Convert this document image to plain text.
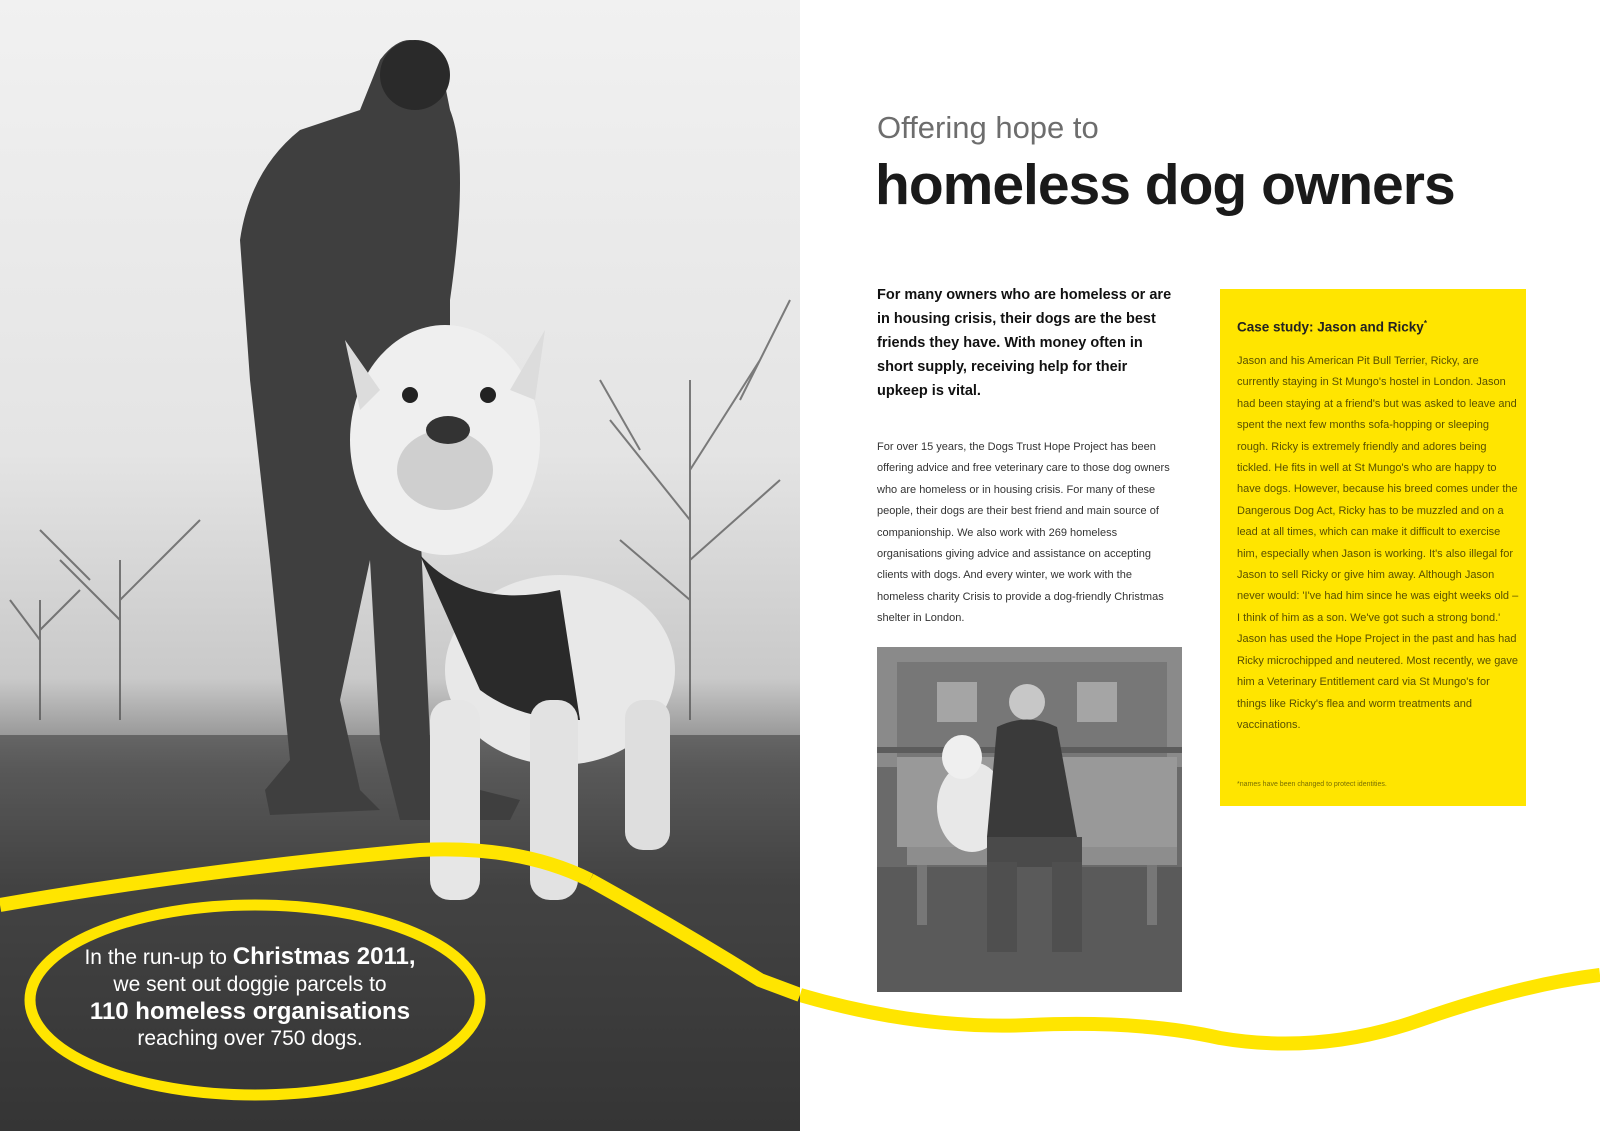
In the run-up to Christmas 2011,
we sent out doggie parcels to
110 homeless organisations
reaching over 750 dogs.
Offering hope to
homeless dog owners
For many owners who are homeless or are in housing crisis, their dogs are the best friends they have. With money often in short supply, receiving help for their upkeep is vital.
For over 15 years, the Dogs Trust Hope Project has been offering advice and free veterinary care to those dog owners who are homeless or in housing crisis. For many of these people, their dogs are their best friend and main source of companionship. We also work with 269 homeless organisations giving advice and assistance on accepting clients with dogs. And every winter, we work with the homeless charity Crisis to provide a dog-friendly Christmas shelter in London.
Case study: Jason and Ricky*
Jason and his American Pit Bull Terrier, Ricky, are currently staying in St Mungo's hostel in London. Jason had been staying at a friend's but was asked to leave and spent the next few months sofa-hopping or sleeping rough. Ricky is extremely friendly and adores being tickled. He fits in well at St Mungo's who are happy to have dogs. However, because his breed comes under the Dangerous Dog Act, Ricky has to be muzzled and on a lead at all times, which can make it difficult to exercise him, especially when Jason is working. It's also illegal for Jason to sell Ricky or give him away. Although Jason never would: 'I've had him since he was eight weeks old – I think of him as a son. We've got such a strong bond.' Jason has used the Hope Project in the past and has had Ricky microchipped and neutered. Most recently, we gave him a Veterinary Entitlement card via St Mungo's for things like Ricky's flea and worm treatments and vaccinations.
*names have been changed to protect identities.
